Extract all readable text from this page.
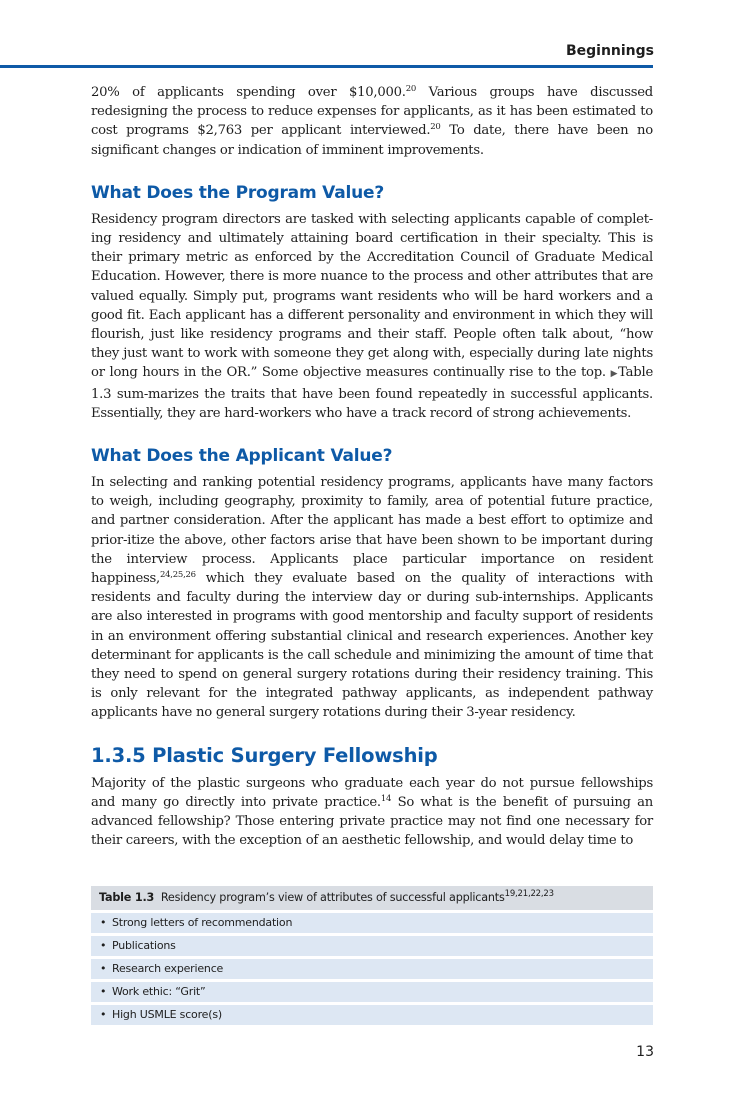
Beginnings

20% of applicants spending over $10,000.20 Various groups have discussed redesigning the process to reduce expenses for applicants, as it has been estimated to cost programs $2,763 per applicant interviewed.$^{20}$ To date, there have been no significant changes or indication of imminent improvements.

What Does the Program Value?

Residency program directors are tasked with selecting applicants capable of complet-ing residency and ultimately attaining board certification in their specialty. This is their primary metric as enforced by the Accreditation Council of Graduate Medical Education. However, there is more nuance to the process and other attributes that are valued equally. Simply put, programs want residents who will be hard workers and a good fit. Each applicant has a different personality and environment in which they will flourish, just like residency programs and their staff. People often talk about, “how they just want to work with someone they get along with, especially during late nights or long hours in the OR.” Some objective measures continually rise to the top. ▶Table 1.3 sum-marizes the traits that have been found repeatedly in successful applicants. Essentially, they are hard-workers who have a track record of strong achievements.

What Does the Applicant Value?

In selecting and ranking potential residency programs, applicants have many factors to weigh, including geography, proximity to family, area of potential future practice, and partner consideration. After the applicant has made a best effort to optimize and prior-itize the above, other factors arise that have been shown to be important during the interview process. Applicants place particular importance on resident happiness,$^{24,25,26}$ which they evaluate based on the quality of interactions with residents and faculty during the interview day or during sub-internships. Applicants are also interested in programs with good mentorship and faculty support of residents in an environment offering substantial clinical and research experiences. Another key determinant for applicants is the call schedule and minimizing the amount of time that they need to spend on general surgery rotations during their residency training. This is only relevant for the integrated pathway applicants, as independent pathway applicants have no general surgery rotations during their 3-year residency.

1.3.5 Plastic Surgery Fellowship

Majority of the plastic surgeons who graduate each year do not pursue fellowships and many go directly into private practice.$^{14}$ So what is the benefit of pursuing an advanced fellowship? Those entering private practice may not find one necessary for their careers, with the exception of an aesthetic fellowship, and would delay time to

Table 1.3 Residency program’s view of attributes of successful applicants$^{19,21,22,23}$
• Strong letters of recommendation
• Publications
• Research experience
• Work ethic: “Grit”
• High USMLE score(s)
13
